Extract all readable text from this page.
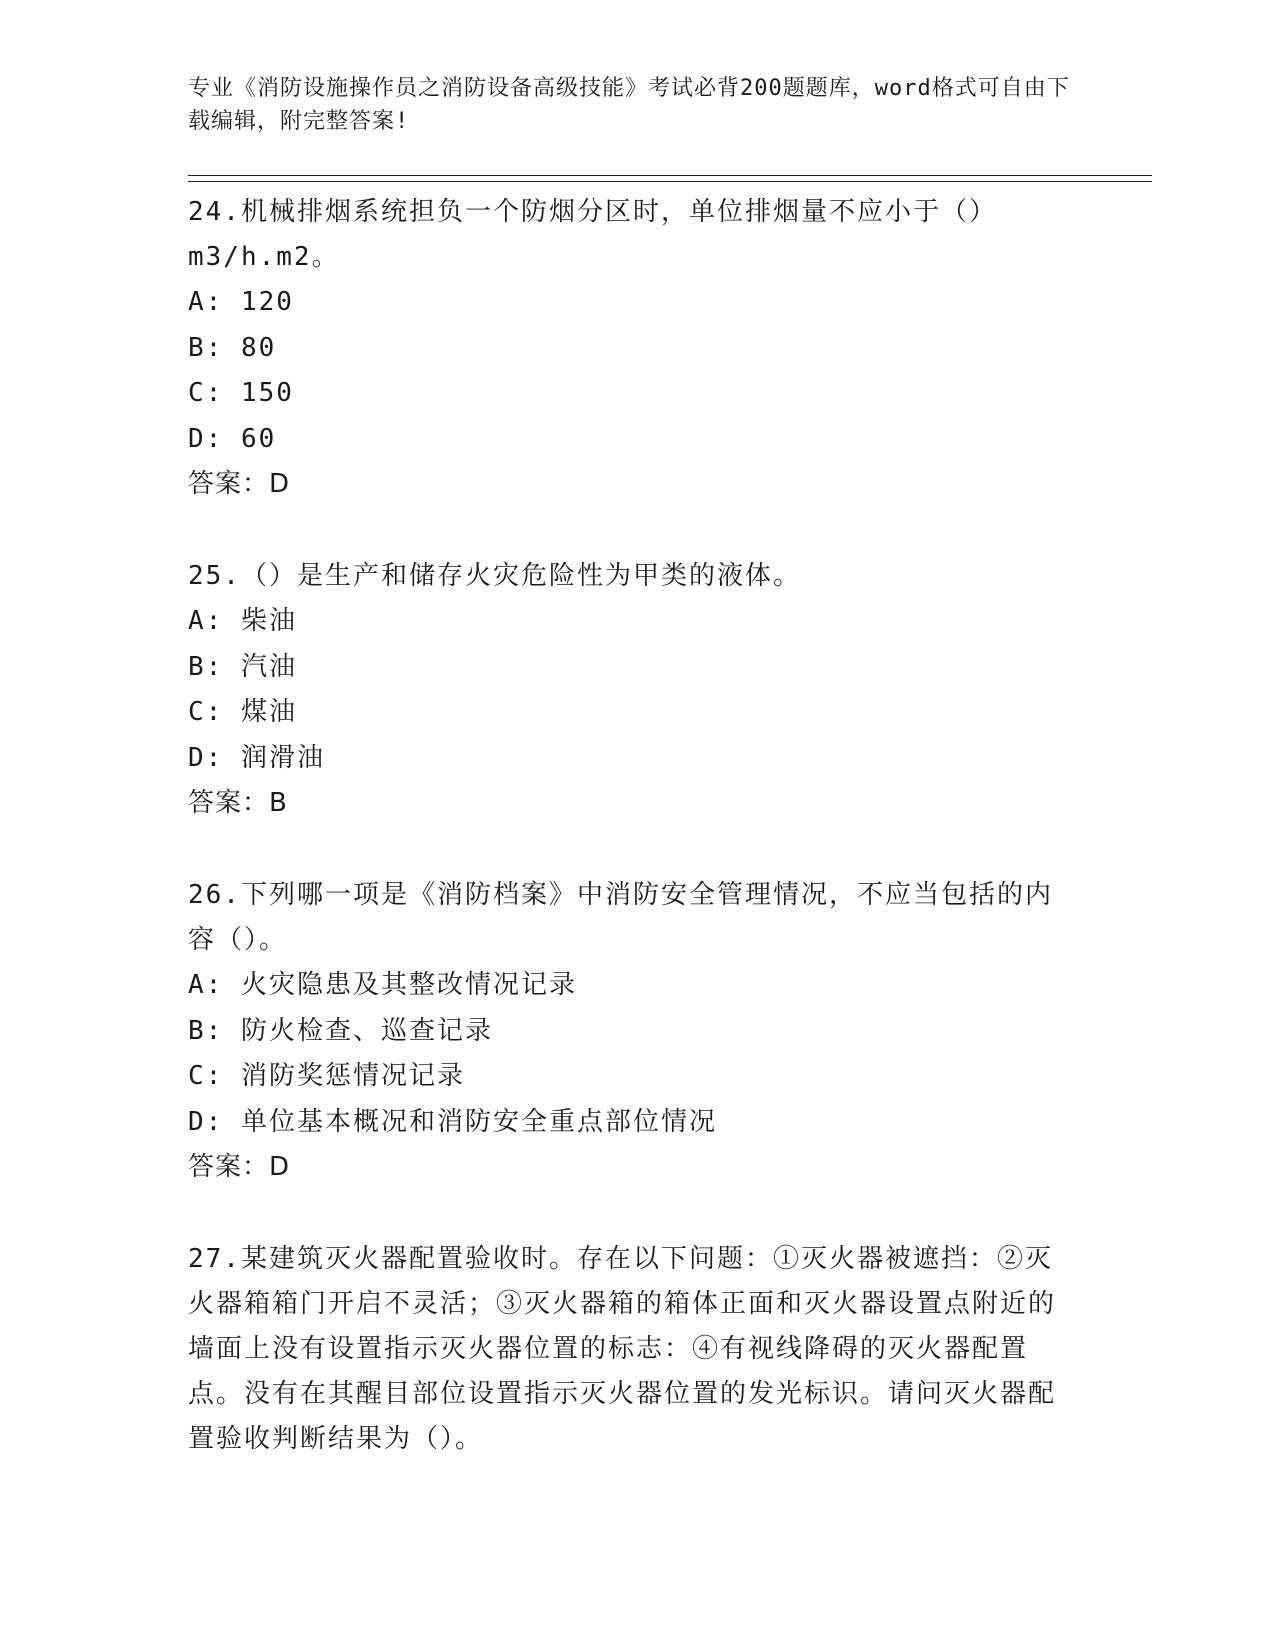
专业《消防设施操作员之消防设备高级技能》考试必背200题题库，word格式可自由下载编辑，附完整答案!

24.机械排烟系统担负一个防烟分区时，单位排烟量不应小于（）m3/h.m2。

A: 120

B: 80

C: 150

D: 60

答案：D

25.（）是生产和储存火灾危险性为甲类的液体。

A: 柴油

B: 汽油

C: 煤油

D: 润滑油

答案：B

26.下列哪一项是《消防档案》中消防安全管理情况，不应当包括的内容（）。

A: 火灾隐患及其整改情况记录

B: 防火检查、巡查记录

C: 消防奖惩情况记录

D: 单位基本概况和消防安全重点部位情况

答案：D

27.某建筑灭火器配置验收时。存在以下问题：①灭火器被遮挡：②灭火器箱箱门开启不灵活；③灭火器箱的箱体正面和灭火器设置点附近的墙面上没有设置指示灭火器位置的标志：④有视线降碍的灭火器配置点。没有在其醒目部位设置指示灭火器位置的发光标识。请问灭火器配置验收判断结果为（）。
